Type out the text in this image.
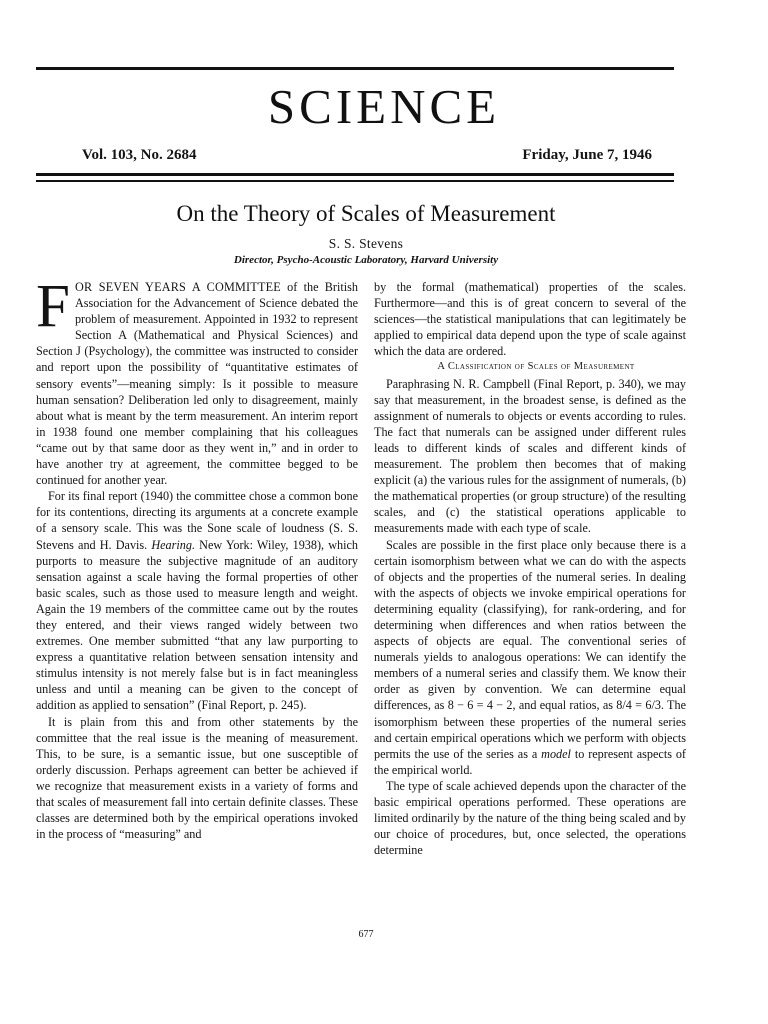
SCIENCE
Vol. 103, No. 2684	Friday, June 7, 1946
On the Theory of Scales of Measurement
S. S. Stevens
Director, Psycho-Acoustic Laboratory, Harvard University

FOR SEVEN YEARS A COMMITTEE of the British Association for the Advancement of Science debated the problem of measurement. Appointed in 1932 to represent Section A (Mathematical and Physical Sciences) and Section J (Psychology), the committee was instructed to consider and report upon the possibility of “quantitative estimates of sensory events”—meaning simply: Is it possible to measure human sensation? Deliberation led only to disagreement, mainly about what is meant by the term measurement. An interim report in 1938 found one member complaining that his colleagues “came out by that same door as they went in,” and in order to have another try at agreement, the committee begged to be continued for another year.

For its final report (1940) the committee chose a common bone for its contentions, directing its arguments at a concrete example of a sensory scale. This was the Sone scale of loudness (S. S. Stevens and H. Davis. Hearing. New York: Wiley, 1938), which purports to measure the subjective magnitude of an auditory sensation against a scale having the formal properties of other basic scales, such as those used to measure length and weight. Again the 19 members of the committee came out by the routes they entered, and their views ranged widely between two extremes. One member submitted “that any law purporting to express a quantitative relation between sensation intensity and stimulus intensity is not merely false but is in fact meaningless unless and until a meaning can be given to the concept of addition as applied to sensation” (Final Report, p. 245).

It is plain from this and from other statements by the committee that the real issue is the meaning of measurement. This, to be sure, is a semantic issue, but one susceptible of orderly discussion. Perhaps agreement can better be achieved if we recognize that measurement exists in a variety of forms and that scales of measurement fall into certain definite classes. These classes are determined both by the empirical operations invoked in the process of “measuring” and

by the formal (mathematical) properties of the scales. Furthermore—and this is of great concern to several of the sciences—the statistical manipulations that can legitimately be applied to empirical data depend upon the type of scale against which the data are ordered.

A Classification of Scales of Measurement

Paraphrasing N. R. Campbell (Final Report, p. 340), we may say that measurement, in the broadest sense, is defined as the assignment of numerals to objects or events according to rules. The fact that numerals can be assigned under different rules leads to different kinds of scales and different kinds of measurement. The problem then becomes that of making explicit (a) the various rules for the assignment of numerals, (b) the mathematical properties (or group structure) of the resulting scales, and (c) the statistical operations applicable to measurements made with each type of scale.

Scales are possible in the first place only because there is a certain isomorphism between what we can do with the aspects of objects and the properties of the numeral series. In dealing with the aspects of objects we invoke empirical operations for determining equality (classifying), for rank-ordering, and for determining when differences and when ratios between the aspects of objects are equal. The conventional series of numerals yields to analogous operations: We can identify the members of a numeral series and classify them. We know their order as given by convention. We can determine equal differences, as 8 − 6 = 4 − 2, and equal ratios, as 8/4 = 6/3. The isomorphism between these properties of the numeral series and certain empirical operations which we perform with objects permits the use of the series as a model to represent aspects of the empirical world.

The type of scale achieved depends upon the character of the basic empirical operations performed. These operations are limited ordinarily by the nature of the thing being scaled and by our choice of procedures, but, once selected, the operations determine

677
